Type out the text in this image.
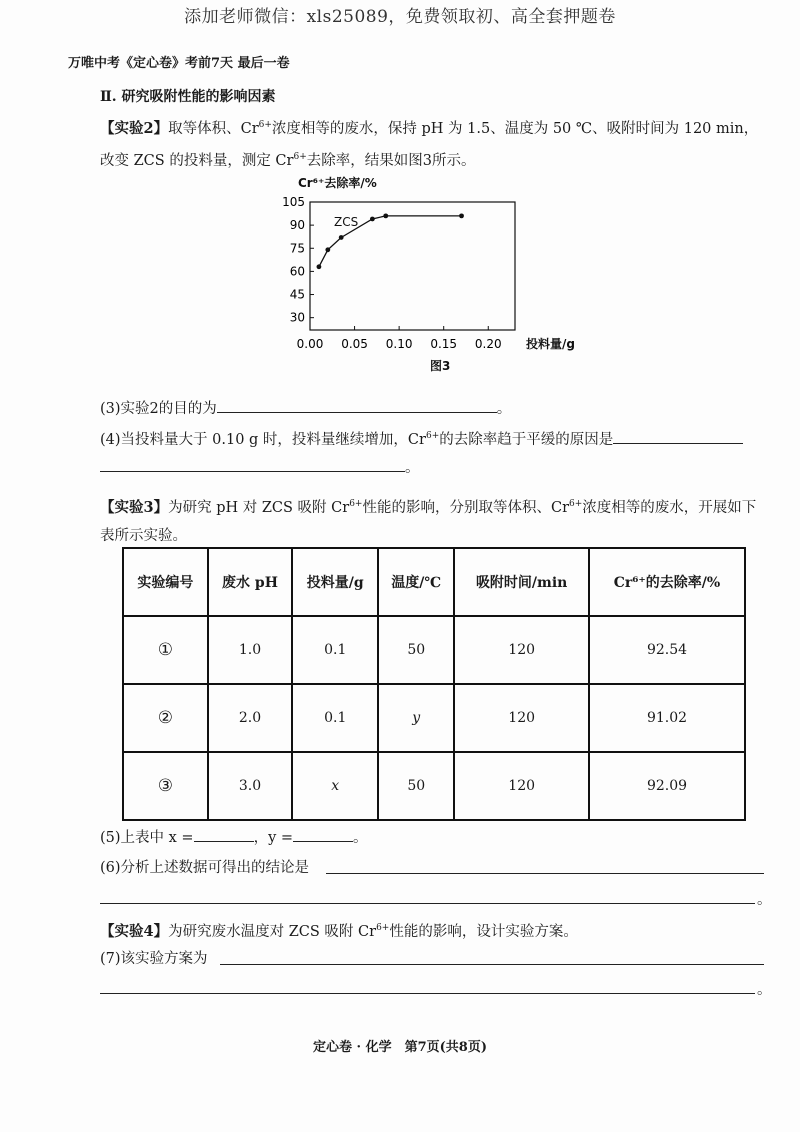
添加老师微信：xls25089，免费领取初、高全套押题卷
万唯中考《定心卷》考前7天 最后一卷
Ⅱ. 研究吸附性能的影响因素
【实验2】取等体积、$Cr^{6+}$浓度相等的废水，保持 pH 为 1.5、温度为 50 ℃、吸附时间为 120 min，改变 ZCS 的投料量，测定 $Cr^{6+}$去除率，结果如图3所示。
Cr⁶⁺去除率/%
105
90
75
60
45
30
0.00 0.05 0.10 0.15 0.20
ZCS
投料量/g
图3
(3)实验2的目的为	。
(4)当投料量大于 0.10 g 时，投料量继续增加，$Cr^{6+}$的去除率趋于平缓的原因是
。
【实验3】为研究 pH 对 ZCS 吸附 $Cr^{6+}$性能的影响，分别取等体积、$Cr^{6+}$浓度相等的废水，开展如下表所示实验。
实验编号	废水 pH	投料量/g	温度/℃	吸附时间/min	Cr⁶⁺的去除率/%
①	1.0	0.1	50	120	92.54
②	2.0	0.1	y	120	91.02
③	3.0	x	50	120	92.09
(5)上表中 x =	，y =	。
(6)分析上述数据可得出的结论是
。
【实验4】为研究废水温度对 ZCS 吸附 $Cr^{6+}$性能的影响，设计实验方案。
(7)该实验方案为
。
定心卷 · 化学　第7页(共8页)
